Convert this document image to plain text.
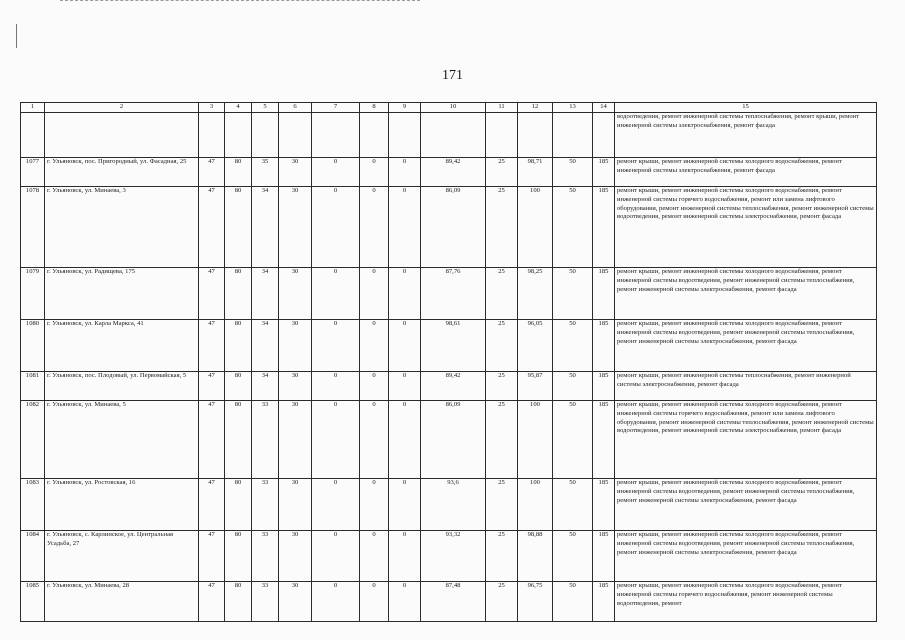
171
1	2	3	4	5	6	7	8	9	10	11	12	13	14	15
														водоотведения, ремонт инженерной системы теплоснабжения, ремонт крыши, ремонт инженерной системы электроснабжения, ремонт фасада
1077	г. Ульяновск, пос. Пригородный, ул. Фасадная, 25	47	80	35	30	0	0	0	89,42	25	98,71	50	185	ремонт крыши, ремонт инженерной системы холодного водоснабжения, ремонт инженерной системы электроснабжения, ремонт фасада
1078	г. Ульяновск, ул. Минаева, 3	47	80	34	30	0	0	0	86,09	25	100	50	185	ремонт крыши, ремонт инженерной системы холодного водоснабжения, ремонт инженерной системы горячего водоснабжения, ремонт или замена лифтового оборудования, ремонт инженерной системы теплоснабжения, ремонт инженерной системы водоотведения, ремонт инженерной системы электроснабжения, ремонт фасада
1079	г. Ульяновск, ул. Радищева, 175	47	80	34	30	0	0	0	87,76	25	98,25	50	185	ремонт крыши, ремонт инженерной системы холодного водоснабжения, ремонт инженерной системы водоотведения, ремонт инженерной системы теплоснабжения, ремонт инженерной системы электроснабжения, ремонт фасада
1080	г. Ульяновск, ул. Карла Маркса, 41	47	80	34	30	0	0	0	98,61	25	96,05	50	185	ремонт крыши, ремонт инженерной системы холодного водоснабжения, ремонт инженерной системы водоотведения, ремонт инженерной системы теплоснабжения, ремонт инженерной системы электроснабжения, ремонт фасада
1081	г. Ульяновск, пос. Плодовый, ул. Первомайская, 5	47	80	34	30	0	0	0	89,42	25	95,87	50	185	ремонт крыши, ремонт инженерной системы теплоснабжения, ремонт инженерной системы электроснабжения, ремонт фасада
1082	г. Ульяновск, ул. Минаева, 5	47	80	33	30	0	0	0	86,09	25	100	50	185	ремонт крыши, ремонт инженерной системы холодного водоснабжения, ремонт инженерной системы горячего водоснабжения, ремонт или замена лифтового оборудования, ремонт инженерной системы теплоснабжения, ремонт инженерной системы водоотведения, ремонт инженерной системы электроснабжения, ремонт фасада
1083	г. Ульяновск, ул. Ростовская, 16	47	80	33	30	0	0	0	93,6	25	100	50	185	ремонт крыши, ремонт инженерной системы холодного водоснабжения, ремонт инженерной системы водоотведения, ремонт инженерной системы теплоснабжения, ремонт инженерной системы электроснабжения, ремонт фасада
1084	г. Ульяновск, с. Карлинское, ул. Центральная Усадьба, 27	47	80	33	30	0	0	0	93,32	25	98,88	50	185	ремонт крыши, ремонт инженерной системы холодного водоснабжения, ремонт инженерной системы водоотведения, ремонт инженерной системы теплоснабжения, ремонт инженерной системы электроснабжения, ремонт фасада
1085	г. Ульяновск, ул. Минаева, 28	47	80	33	30	0	0	0	87,48	25	96,75	50	185	ремонт крыши, ремонт инженерной системы холодного водоснабжения, ремонт инженерной системы горячего водоснабжения, ремонт инженерной системы водоотведения, ремонт
